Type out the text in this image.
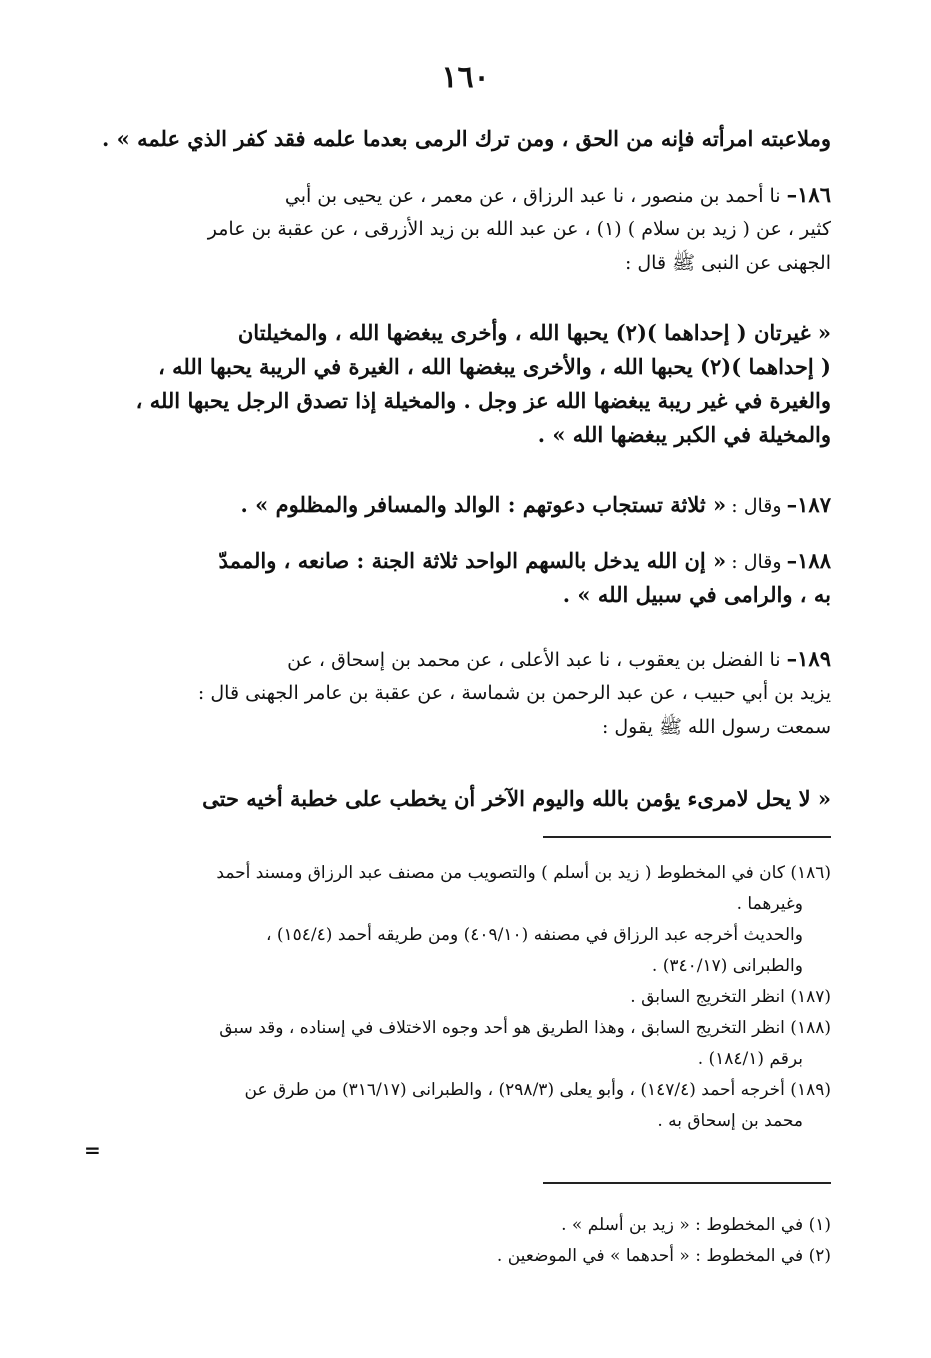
١٦٠
وملاعبته امرأته فإنه من الحق ، ومن ترك الرمى بعدما علمه فقد كفر الذي علمه » .
١٨٦– نا أحمد بن منصور ، نا عبد الرزاق ، عن معمر ، عن يحيى بن أبي
كثير ، عن ( زيد بن سلام ) (١) ، عن عبد الله بن زيد الأزرقى ، عن عقبة بن عامر
الجهنى عن النبى ﷺ قال :
« غيرتان ( إحداهما )(٢) يحبها الله ، وأخرى يبغضها الله ، والمخيلتان
( إحداهما )(٢) يحبها الله ، والأخرى يبغضها الله ، الغيرة في الريبة يحبها الله ،
والغيرة في غير ريبة يبغضها الله عز وجل . والمخيلة إذا تصدق الرجل يحبها الله ،
والمخيلة في الكبر يبغضها الله » .
١٨٧– وقال : « ثلاثة تستجاب دعوتهم : الوالد والمسافر والمظلوم » .
١٨٨– وقال : « إن الله يدخل بالسهم الواحد ثلاثة الجنة : صانعه ، والممدّ
به ، والرامى في سبيل الله » .
١٨٩– نا الفضل بن يعقوب ، نا عبد الأعلى ، عن محمد بن إسحاق ، عن
يزيد بن أبي حبيب ، عن عبد الرحمن بن شماسة ، عن عقبة بن عامر الجهنى قال :
سمعت رسول الله ﷺ يقول :
« لا يحل لامرىء يؤمن بالله واليوم الآخر أن يخطب على خطبة أخيه حتى
(١٨٦) كان في المخطوط ( زيد بن أسلم ) والتصويب من مصنف عبد الرزاق ومسند أحمد
وغيرهما .
والحديث أخرجه عبد الرزاق في مصنفه (٤٠٩/١٠) ومن طريقه أحمد (١٥٤/٤) ،
والطبرانى (٣٤٠/١٧) .
(١٨٧) انظر التخريج السابق .
(١٨٨) انظر التخريج السابق ، وهذا الطريق هو أحد وجوه الاختلاف في إسناده ، وقد سبق
برقم (١٨٤/١) .
(١٨٩) أخرجه أحمد (١٤٧/٤) ، وأبو يعلى (٢٩٨/٣) ، والطبرانى (٣١٦/١٧) من طرق عن
محمد بن إسحاق به .
=
(١) في المخطوط : « زيد بن أسلم » .
(٢) في المخطوط : « أحدهما » في الموضعين .
